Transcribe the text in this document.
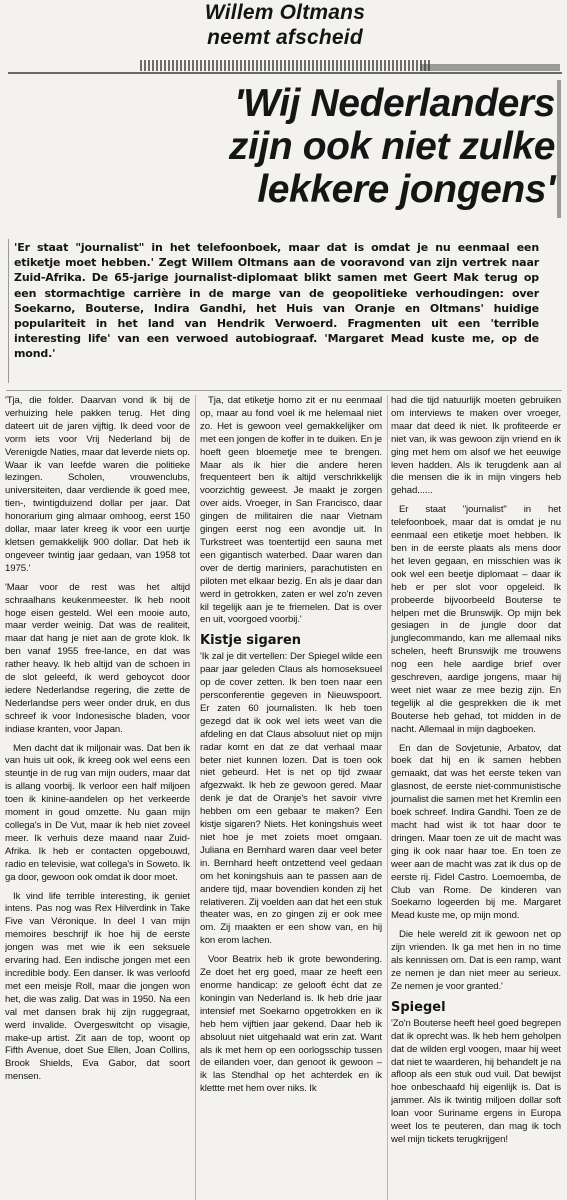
Willem Oltmans
neemt afscheid
'Wij Nederlanders
zijn ook niet zulke
lekkere jongens'
'Er staat "journalist" in het telefoonboek, maar dat is omdat je nu eenmaal een etiketje moet hebben.' Zegt Willem Oltmans aan de vooravond van zijn vertrek naar Zuid-Afrika. De 65-jarige journalist-diplomaat blikt samen met Geert Mak terug op een stormachtige carrière in de marge van de geopolitieke verhoudingen: over Soekarno, Bouterse, Indira Gandhi, het Huis van Oranje en Oltmans' huidige populariteit in het land van Hendrik Verwoerd. Fragmenten uit een 'terrible interesting life' van een verwoed autobiograaf. 'Margaret Mead kuste me, op de mond.'

'Tja, die folder. Daarvan vond ik bij de verhuizing hele pakken terug. Het ding dateert uit de jaren vijftig. Ik deed voor de vorm iets voor Vrij Nederland bij de Verenigde Naties, maar dat leverde niets op. Waar ik van leefde waren die politieke lezingen. Scholen, vrouwenclubs, universiteiten, daar verdiende ik goed mee, tien-, twintigduizend dollar per jaar. Dat honorarium ging almaar omhoog, eerst 150 dollar, maar later kreeg ik voor een uurtje kletsen gemakkelijk 900 dollar. Dat heb ik ongeveer twintig jaar gedaan, van 1958 tot 1975.'

'Maar voor de rest was het altijd schraalhans keukenmeester. Ik heb nooit hoge eisen gesteld. Wel een mooie auto, maar verder weinig. Dat was de realiteit, maar dat hang je niet aan de grote klok. Ik ben vanaf 1955 free-lance, en dat was rather heavy. Ik heb altijd van de schoen in de slot geleefd, ik werd geboycot door iedere Nederlandse regering, die zette de Nederlandse pers weer onder druk, en dus schreef ik voor Indonesische bladen, voor indiase kranten, voor Japan.

Men dacht dat ik miljonair was. Dat ben ik van huis uit ook, ik kreeg ook wel eens een steuntje in de rug van mijn ouders, maar dat is allang voorbij. Ik verloor een half miljoen toen ik kinine-aandelen op het verkeerde moment in goud omzette. Nu gaan mijn collega's in De Vut, maar ik heb niet zoveel meer. Ik verhuis deze maand naar Zuid-Afrika. Ik heb er contacten opgebouwd, radio en televisie, wat collega's in Soweto. Ik ga door, gewoon ook omdat ik door moet.

Ik vind life terrible interesting, ik geniet intens. Pas nog was Rex Hilverdink in Take Five van Véronique. In deel I van mijn memoires beschrijf ik hoe hij de eerste jongen was met wie ik een seksuele ervaring had. Een indische jongen met een incredible body. Een danser. Ik was verloofd met een meisje Roll, maar die jongen won het, die was zalig. Dat was in 1950. Na een val met dansen brak hij zijn ruggegraat, werd invalide. Overgeswitcht op visagie, make-up artist. Zit aan de top, woont op Fifth Avenue, doet Sue Ellen, Joan Collins, Brook Shields, Eva Gabor, dat soort mensen.

Tja, dat etiketje homo zit er nu eenmaal op, maar au fond voel ik me helemaal niet zo. Het is gewoon veel gemakkelijker om met een jongen de koffer in te duiken. En je hoeft geen bloemetje mee te brengen. Maar als ik hier die andere heren frequenteert ben ik altijd verschrikkelijk voorzichtig geweest. Je maakt je zorgen over aids. Vroeger, in San Francisco, daar gingen de militairen die naar Vietnam gingen eerst nog een avondje uit. In Turkstreet was toentertijd een sauna met een gigantisch waterbed. Daar waren dan over de dertig mariniers, parachutisten en piloten met elkaar bezig. En als je daar dan werd in getrokken, zaten er wel zo'n zeven kil tegelijk aan je te friemelen. Dat is over en uit, voorgoed voorbij.'

Kistje sigaren

'Ik zal je dit vertellen: Der Spiegel wilde een paar jaar geleden Claus als homoseksueel op de cover zetten. Ik ben toen naar een persconferentie gegeven in Nieuwspoort. Er zaten 60 journalisten. Ik heb toen gezegd dat ik ook wel iets weet van die afdeling en dat Claus absoluut niet op mijn radar komt en dat ze dat verhaal maar beter niet kunnen lozen. Dat is toen ook niet gebeurd. Het is net op tijd zwaar afgezwakt. Ik heb ze gewoon gered. Maar denk je dat de Oranje's het savoir vivre hebben om een gebaar te maken? Een kistje sigaren? Niets. Het koningshuis weet niet hoe je met zoiets moet omgaan. Juliana en Bernhard waren daar veel beter in. Bernhard heeft ontzettend veel gedaan om het koningshuis aan te passen aan de andere tijd, maar bovendien konden zij het relativeren. Zij voelden aan dat het een stuk theater was, en zo gingen zij er ook mee om. Zij maakten er een show van, en hij kon erom lachen.

Voor Beatrix heb ik grote bewondering. Ze doet het erg goed, maar ze heeft een enorme handicap: ze gelooft écht dat ze koningin van Nederland is. Ik heb drie jaar intensief met Soekarno opgetrokken en ik heb hem vijftien jaar gekend. Daar heb ik absoluut niet uitgehaald wat erin zat. Want als ik met hem op een oorlogsschip tussen de eilanden voer, dan genoot ik gewoon – ik las Stendhal op het achterdek en ik klettte met hem over niks. Ik

had die tijd natuurlijk moeten gebruiken om interviews te maken over vroeger, maar dat deed ik niet. Ik profiteerde er niet van, ik was gewoon zijn vriend en ik ging met hem om alsof we het eeuwige leven hadden. Als ik terugdenk aan al die mensen die ik in mijn vingers heb gehad......

Er staat "journalist" in het telefoonboek, maar dat is omdat je nu eenmaal een etiketje moet hebben. Ik ben in de eerste plaats als mens door het leven gegaan, en misschien was ik ook wel een beetje diplomaat – daar ik heb er per slot voor opgeleid. Ik probeerde bijvoorbeeld Bouterse te helpen met die Brunswijk. Op mijn bek gesiagen in de jungle door dat junglecommando, kan me allemaal niks schelen, heeft Brunswijk me trouwens nog een hele aardige brief over geschreven, aardige jongens, maar hij weet niet waar ze mee bezig zijn. En tegelijk al die gesprekken die ik met Bouterse heb gehad, tot midden in de nacht. Allemaal in mijn dagboeken.

En dan de Sovjetunie, Arbatov, dat boek dat hij en ik samen hebben gemaakt, dat was het eerste teken van glasnost, de eerste niet-communistische journalist die samen met het Kremlin een boek schreef. Indira Gandhi. Toen ze de macht had wist ik tot haar door te dringen. Maar toen ze uit de macht was ging ik ook naar haar toe. En toen ze weer aan de macht was zat ik dus op de eerste rij. Fidel Castro. Loemoemba, de Club van Rome. De kinderen van Soekarno logeerden bij me. Margaret Mead kuste me, op mijn mond.

Die hele wereld zit ik gewoon net op zijn vrienden. Ik ga met hen in no time als kennissen om. Dat is een ramp, want ze nemen je dan niet meer au serieux. Ze nemen je voor granted.'

Spiegel

'Zo'n Bouterse heeft heel goed begrepen dat ik oprecht was. Ik heb hem geholpen dat de wilden ergl voogen, maar hij weet dat niet te waarderen, hij behandelt je na afloop als een stuk oud vuil. Dat bewijst hoe onbeschaafd hij eigenlijk is. Dat is jammer. Als ik twintig miljoen dollar soft loan voor Suriname ergens in Europa weet los te peuteren, dan mag ik toch wel mijn tickets terugkrijgen!
